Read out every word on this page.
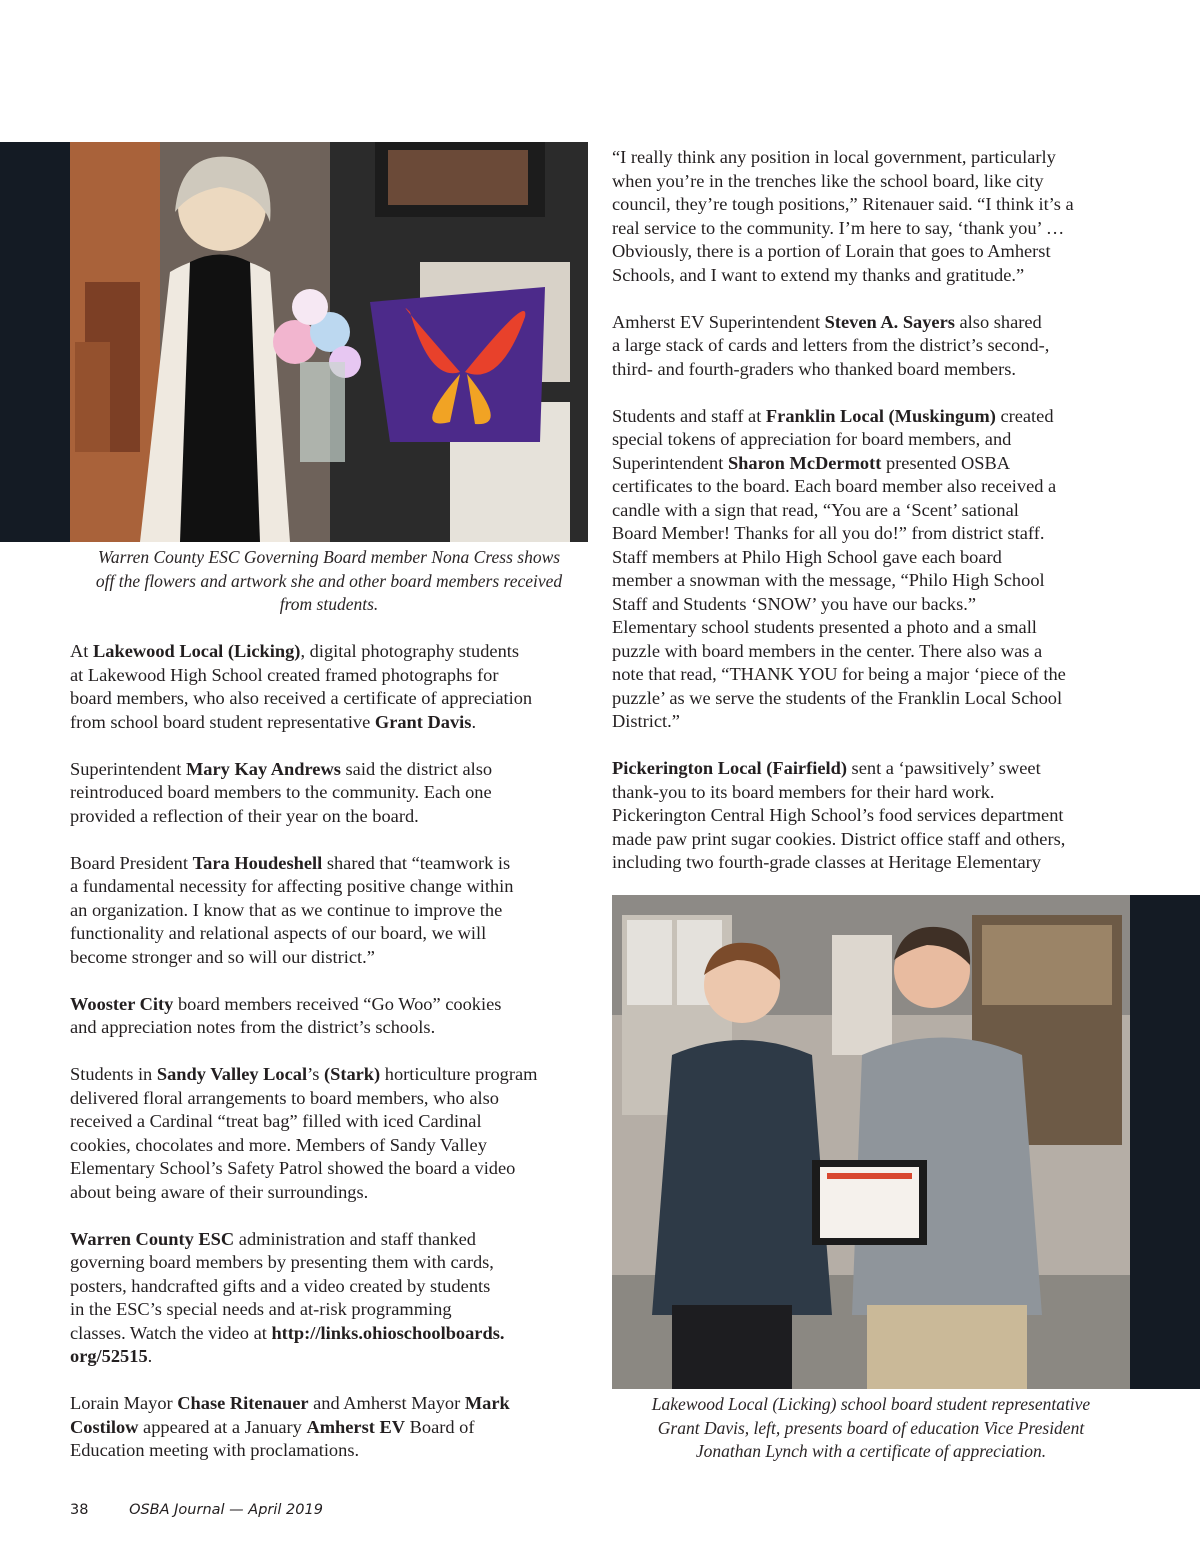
Warren County ESC Governing Board member Nona Cress shows
off the flowers and artwork she and other board members received
from students.

At Lakewood Local (Licking), digital photography students
at Lakewood High School created framed photographs for
board members, who also received a certificate of appreciation
from school board student representative Grant Davis.

Superintendent Mary Kay Andrews said the district also
reintroduced board members to the community. Each one
provided a reflection of their year on the board.

Board President Tara Houdeshell shared that “teamwork is
a fundamental necessity for affecting positive change within
an organization. I know that as we continue to improve the
functionality and relational aspects of our board, we will
become stronger and so will our district.”

Wooster City board members received “Go Woo” cookies
and appreciation notes from the district’s schools.

Students in Sandy Valley Local’s (Stark) horticulture program
delivered floral arrangements to board members, who also
received a Cardinal “treat bag” filled with iced Cardinal
cookies, chocolates and more. Members of Sandy Valley
Elementary School’s Safety Patrol showed the board a video
about being aware of their surroundings.

Warren County ESC administration and staff thanked
governing board members by presenting them with cards,
posters, handcrafted gifts and a video created by students
in the ESC’s special needs and at-risk programming
classes. Watch the video at http://links.ohioschoolboards.
org/52515.

Lorain Mayor Chase Ritenauer and Amherst Mayor Mark
Costilow appeared at a January Amherst EV Board of
Education meeting with proclamations.

“I really think any position in local government, particularly
when you’re in the trenches like the school board, like city
council, they’re tough positions,” Ritenauer said. “I think it’s a
real service to the community. I’m here to say, ‘thank you’ …
Obviously, there is a portion of Lorain that goes to Amherst
Schools, and I want to extend my thanks and gratitude.”

Amherst EV Superintendent Steven A. Sayers also shared
a large stack of cards and letters from the district’s second-,
third- and fourth-graders who thanked board members.

Students and staff at Franklin Local (Muskingum) created
special tokens of appreciation for board members, and
Superintendent Sharon McDermott presented OSBA
certificates to the board. Each board member also received a
candle with a sign that read, “You are a ‘Scent’ sational
Board Member! Thanks for all you do!” from district staff.
Staff members at Philo High School gave each board
member a snowman with the message, “Philo High School
Staff and Students ‘SNOW’ you have our backs.”
Elementary school students presented a photo and a small
puzzle with board members in the center. There also was a
note that read, “THANK YOU for being a major ‘piece of the
puzzle’ as we serve the students of the Franklin Local School
District.”

Pickerington Local (Fairfield) sent a ‘pawsitively’ sweet
thank-you to its board members for their hard work.
Pickerington Central High School’s food services department
made paw print sugar cookies. District office staff and others,
including two fourth-grade classes at Heritage Elementary

Lakewood Local (Licking) school board student representative
Grant Davis, left, presents board of education Vice President
Jonathan Lynch with a certificate of appreciation.
38	OSBA Journal — April 2019
